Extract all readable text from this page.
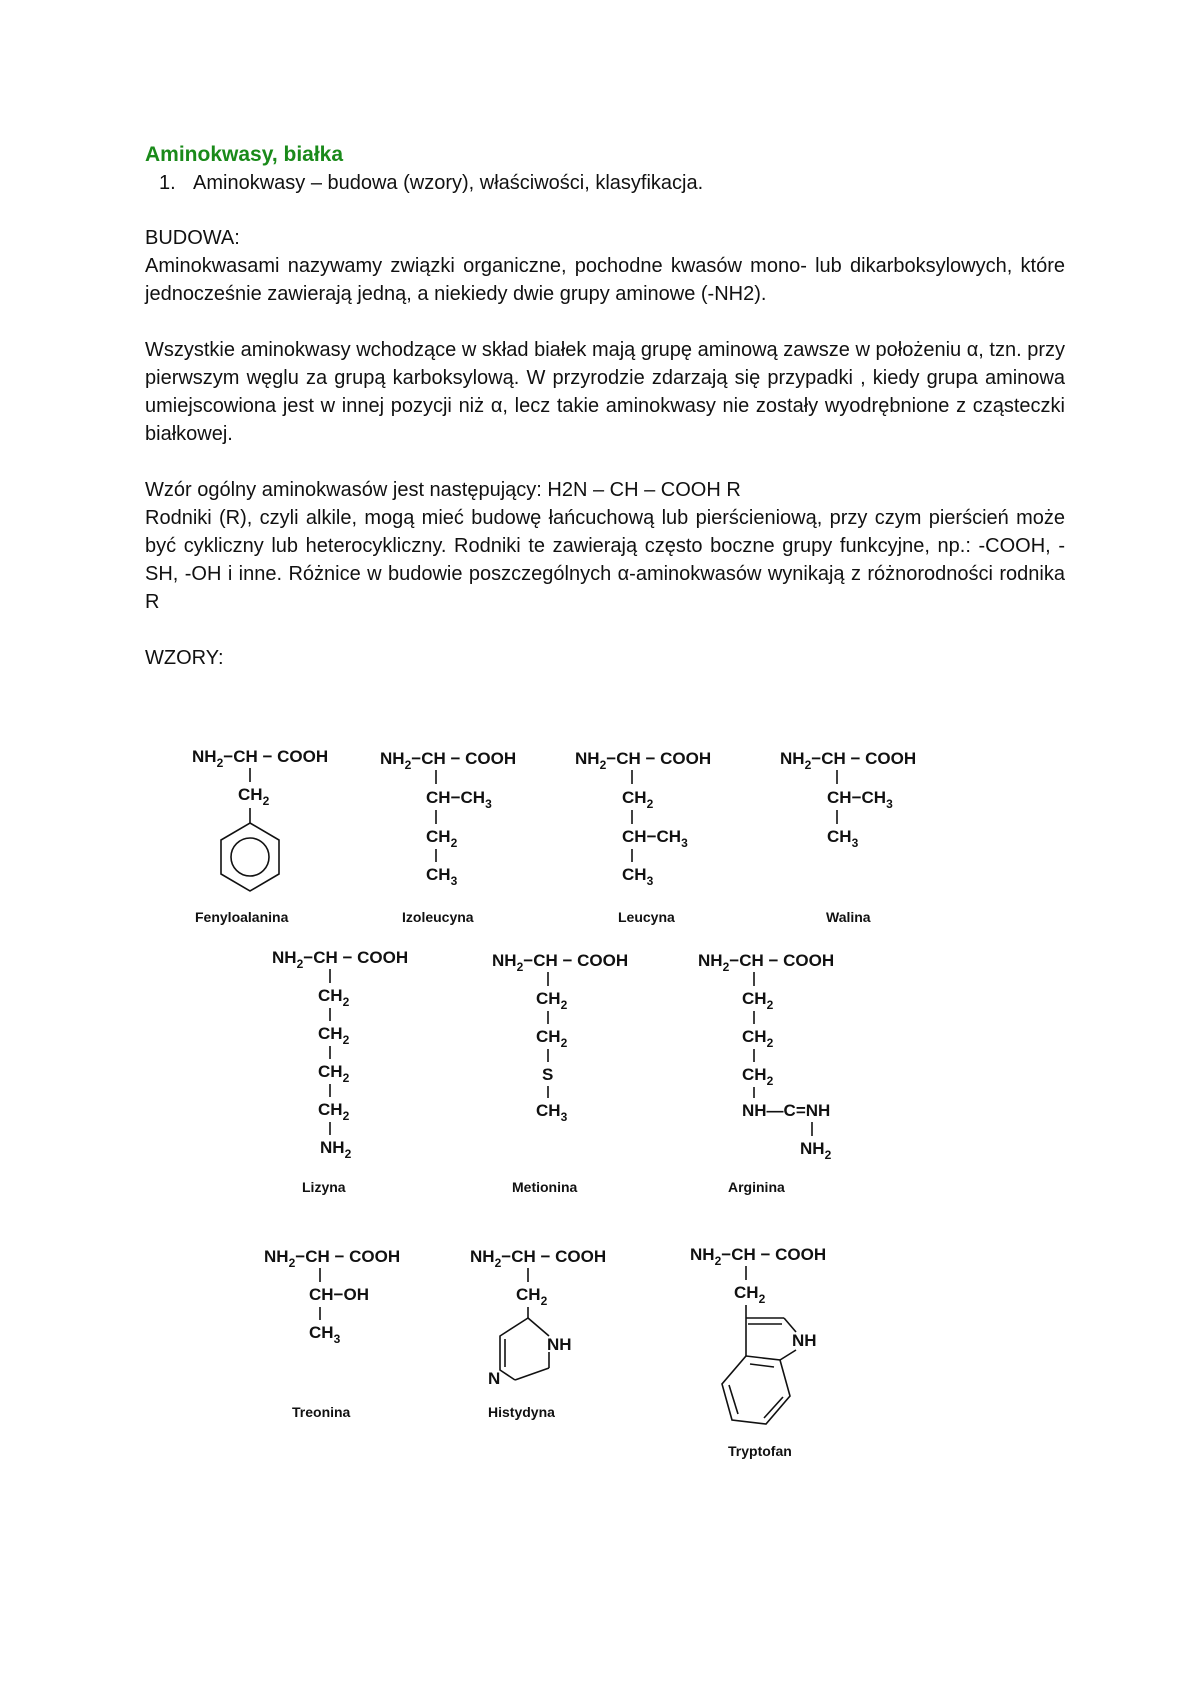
Aminokwasy, białka
1. Aminokwasy – budowa (wzory), właściwości, klasyfikacja.

BUDOWA:

Aminokwasami nazywamy związki organiczne, pochodne kwasów mono- lub dikarboksylowych, które jednocześnie zawierają jedną, a niekiedy dwie grupy aminowe (-NH2).

Wszystkie aminokwasy wchodzące w skład białek mają grupę aminową zawsze w położeniu α, tzn. przy pierwszym węglu za grupą karboksylową. W przyrodzie zdarzają się przypadki , kiedy grupa aminowa umiejscowiona jest w innej pozycji niż α, lecz takie aminokwasy nie zostały wyodrębnione z cząsteczki białkowej.

Wzór ogólny aminokwasów jest następujący: H2N – CH – COOH R

Rodniki (R), czyli alkile, mogą mieć budowę łańcuchową lub pierścieniową, przy czym pierścień może być cykliczny lub heterocykliczny. Rodniki te zawierają często boczne grupy funkcyjne, np.: -COOH, -SH, -OH i inne. Różnice w budowie poszczególnych α-aminokwasów wynikają z różnorodności rodnika R

WZORY:

$NH_2-CH$ − COOH
$CH_2$
Fenyloalanina
$NH_2-CH$ − COOH
$CH-CH_3$
$CH_2$
$CH_3$
Izoleucyna
$NH_2-CH$ − COOH
$CH_2$
$CH-CH_3$
$CH_3$
Leucyna
$NH_2-CH$ − COOH
$CH-CH_3$
$CH_3$
Walina
$NH_2-CH$ − COOH
$CH_2$
$CH_2$
$CH_2$
$CH_2$
$NH_2$
Lizyna
$NH_2-CH$ − COOH
$CH_2$
$CH_2$
S
$CH_3$
Metionina
$NH_2-CH$ − COOH
$CH_2$
$CH_2$
$CH_2$
NH—C=NH
$NH_2$
Arginina
$NH_2-CH$ − COOH
CH−OH
$CH_3$
Treonina
$NH_2-CH$ − COOH
$CH_2$
NH
N
Histydyna
$NH_2-CH$ − COOH
$CH_2$
NH
Tryptofan
